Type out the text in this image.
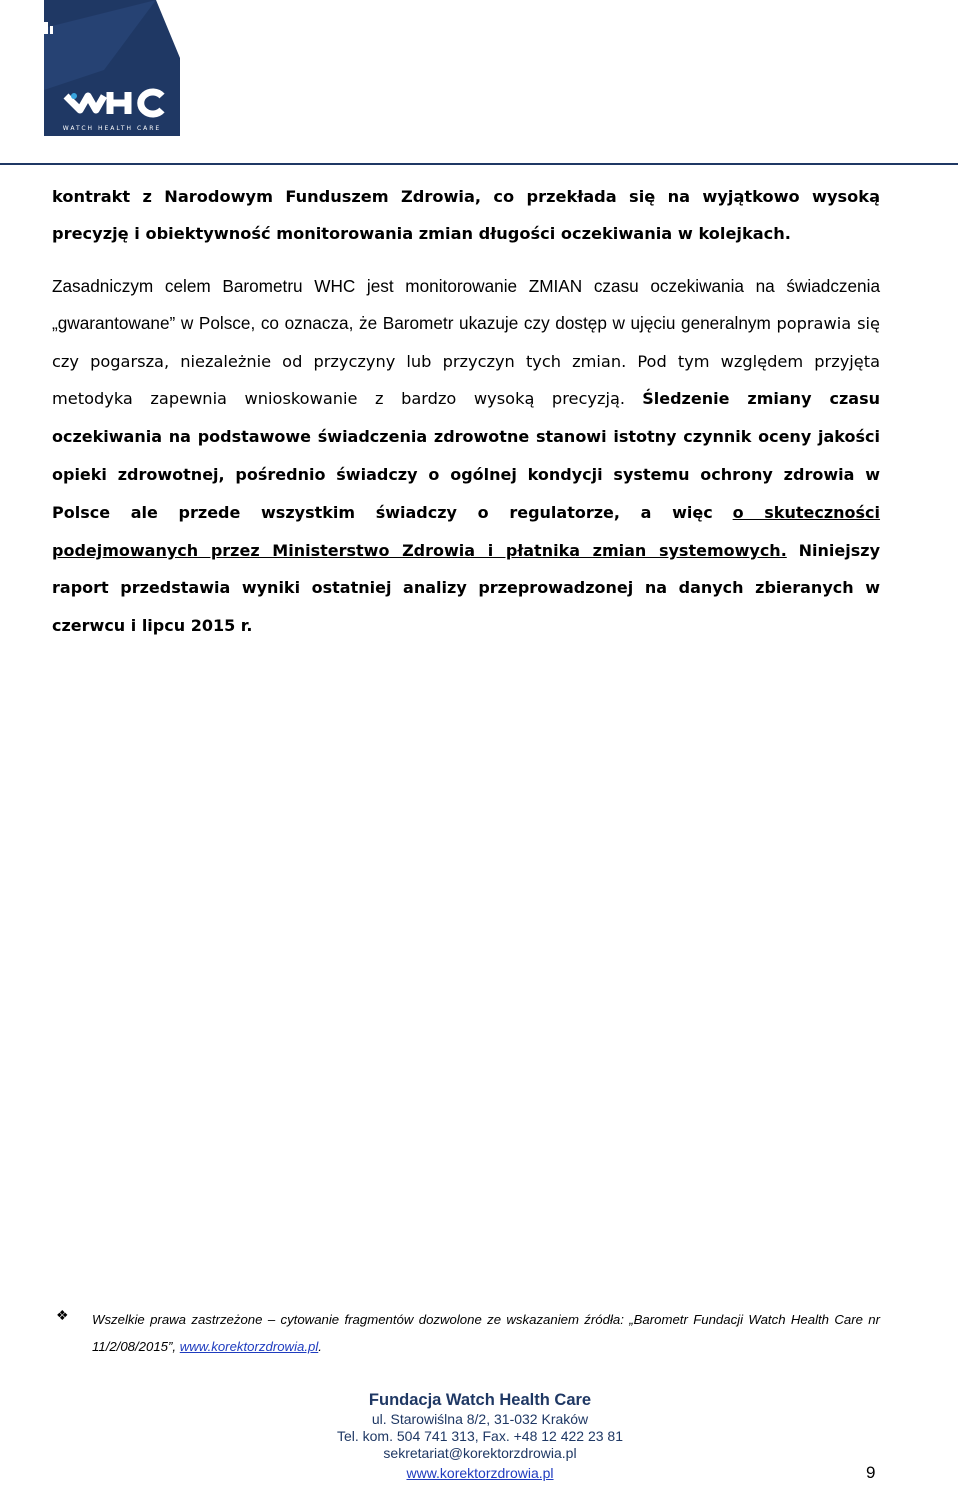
WATCH HEALTH CARE

kontrakt z Narodowym Funduszem Zdrowia, co przekłada się na wyjątkowo wysoką precyzję i obiektywność monitorowania zmian długości oczekiwania w kolejkach.

Zasadniczym celem Barometru WHC jest monitorowanie ZMIAN czasu oczekiwania na świadczenia „gwarantowane” w Polsce, co oznacza, że Barometr ukazuje czy dostęp w ujęciu generalnym poprawia się czy pogarsza, niezależnie od przyczyny lub przyczyn tych zmian. Pod tym względem przyjęta metodyka zapewnia wnioskowanie z bardzo wysoką precyzją. Śledzenie zmiany czasu oczekiwania na podstawowe świadczenia zdrowotne stanowi istotny czynnik oceny jakości opieki zdrowotnej, pośrednio świadczy o ogólnej kondycji systemu ochrony zdrowia w Polsce ale przede wszystkim świadczy o regulatorze, a więc o skuteczności podejmowanych przez Ministerstwo Zdrowia i płatnika zmian systemowych. Niniejszy raport przedstawia wyniki ostatniej analizy przeprowadzonej na danych zbieranych w czerwcu i lipcu 2015 r.

❖ Wszelkie prawa zastrzeżone – cytowanie fragmentów dozwolone ze wskazaniem źródła: „Barometr Fundacji Watch Health Care nr 11/2/08/2015”, www.korektorzdrowia.pl.
Fundacja Watch Health Care
ul. Starowiślna 8/2, 31-032 Kraków
Tel. kom. 504 741 313, Fax. +48 12 422 23 81
sekretariat@korektorzdrowia.pl
www.korektorzdrowia.pl	9
